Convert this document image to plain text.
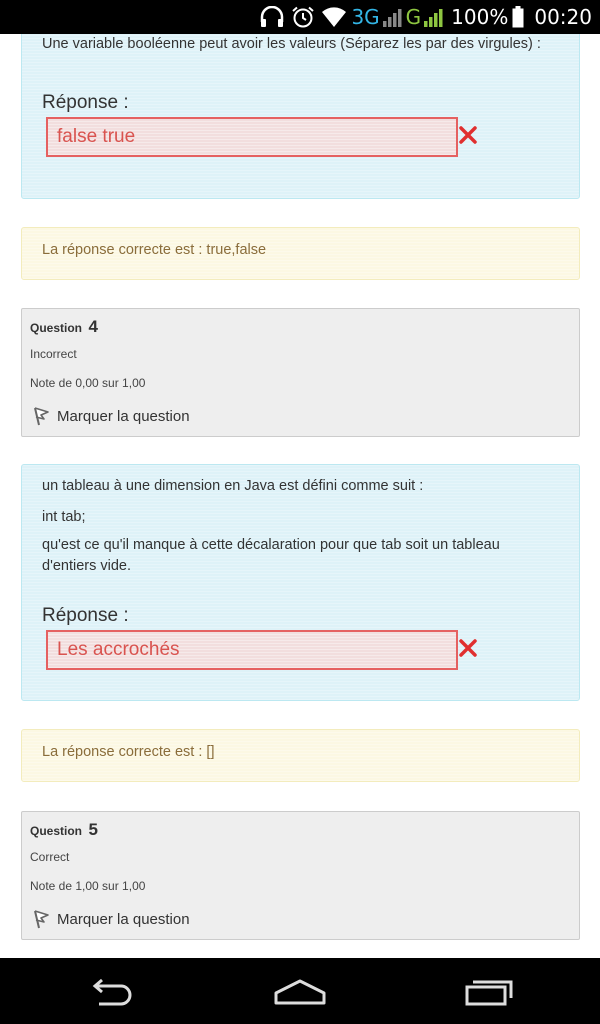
3G G 100% 00:20
Une variable booléenne peut avoir les valeurs (Séparez les par des virgules) :
Réponse :
false true
La réponse correcte est : true,false
Question 4
Incorrect
Note de 0,00 sur 1,00
Marquer la question
un tableau à une dimension en Java est défini comme suit :
int tab;
qu'est ce qu'il manque à cette décalaration pour que tab soit un tableau d'entiers vide.
Réponse :
Les accrochés
La réponse correcte est : []
Question 5
Correct
Note de 1,00 sur 1,00
Marquer la question
